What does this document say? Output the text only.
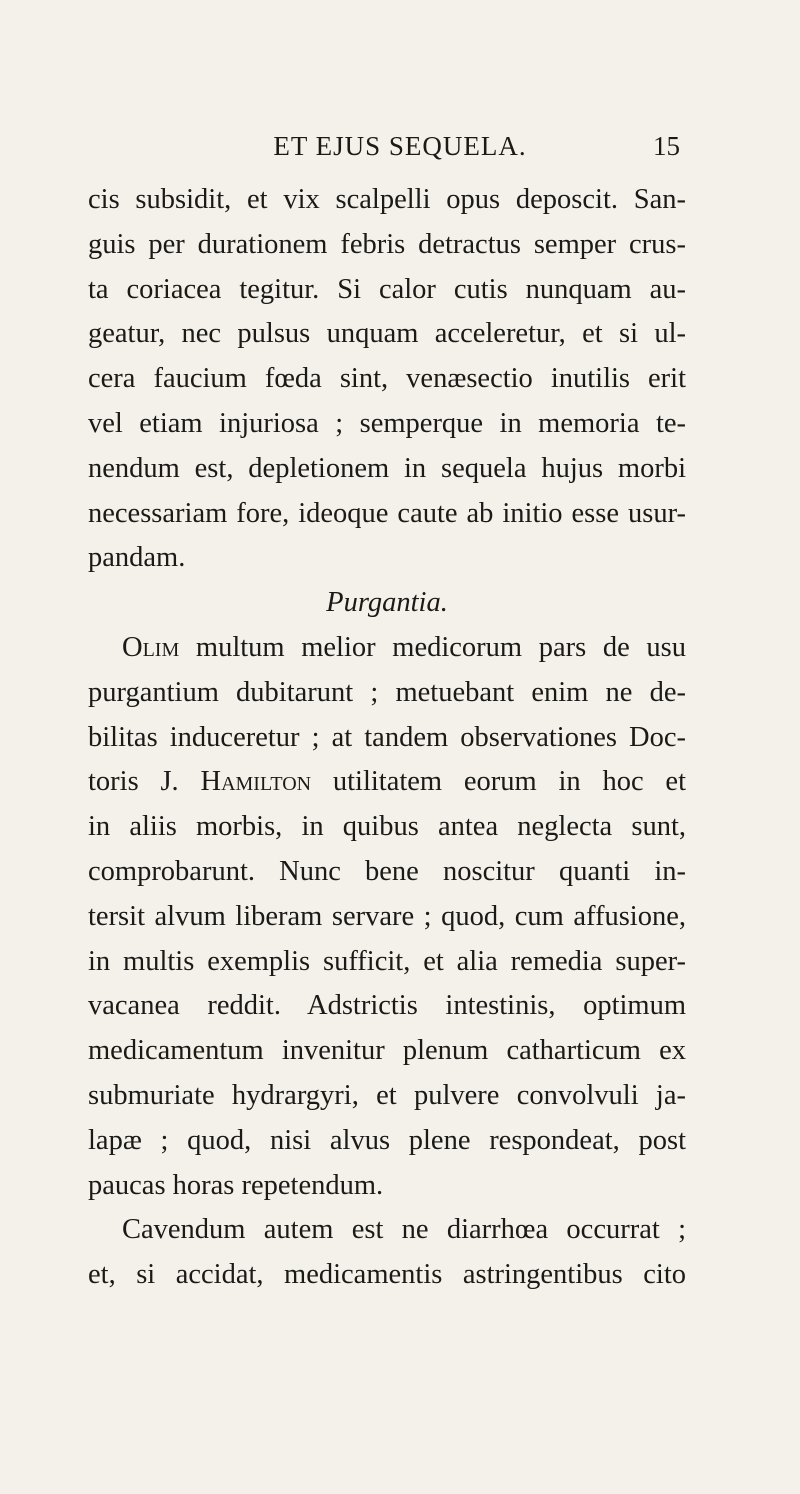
ET EJUS SEQUELA.	15
cis subsidit, et vix scalpelli opus deposcit. San-
guis per durationem febris detractus semper crus-
ta coriacea tegitur. Si calor cutis nunquam au-
geatur, nec pulsus unquam acceleretur, et si ul-
cera faucium fœda sint, venæsectio inutilis erit
vel etiam injuriosa ; semperque in memoria te-
nendum est, depletionem in sequela hujus morbi
necessariam fore, ideoque caute ab initio esse usur-
pandam.
Purgantia.
Olim multum melior medicorum pars de usu
purgantium dubitarunt ; metuebant enim ne de-
bilitas induceretur ; at tandem observationes Doc-
toris J. Hamilton utilitatem eorum in hoc et
in aliis morbis, in quibus antea neglecta sunt,
comprobarunt. Nunc bene noscitur quanti in-
tersit alvum liberam servare ; quod, cum affusione,
in multis exemplis sufficit, et alia remedia super-
vacanea reddit. Adstrictis intestinis, optimum
medicamentum invenitur plenum catharticum ex
submuriate hydrargyri, et pulvere convolvuli ja-
lapæ ; quod, nisi alvus plene respondeat, post
paucas horas repetendum.
Cavendum autem est ne diarrhœa occurrat ;
et, si accidat, medicamentis astringentibus cito
